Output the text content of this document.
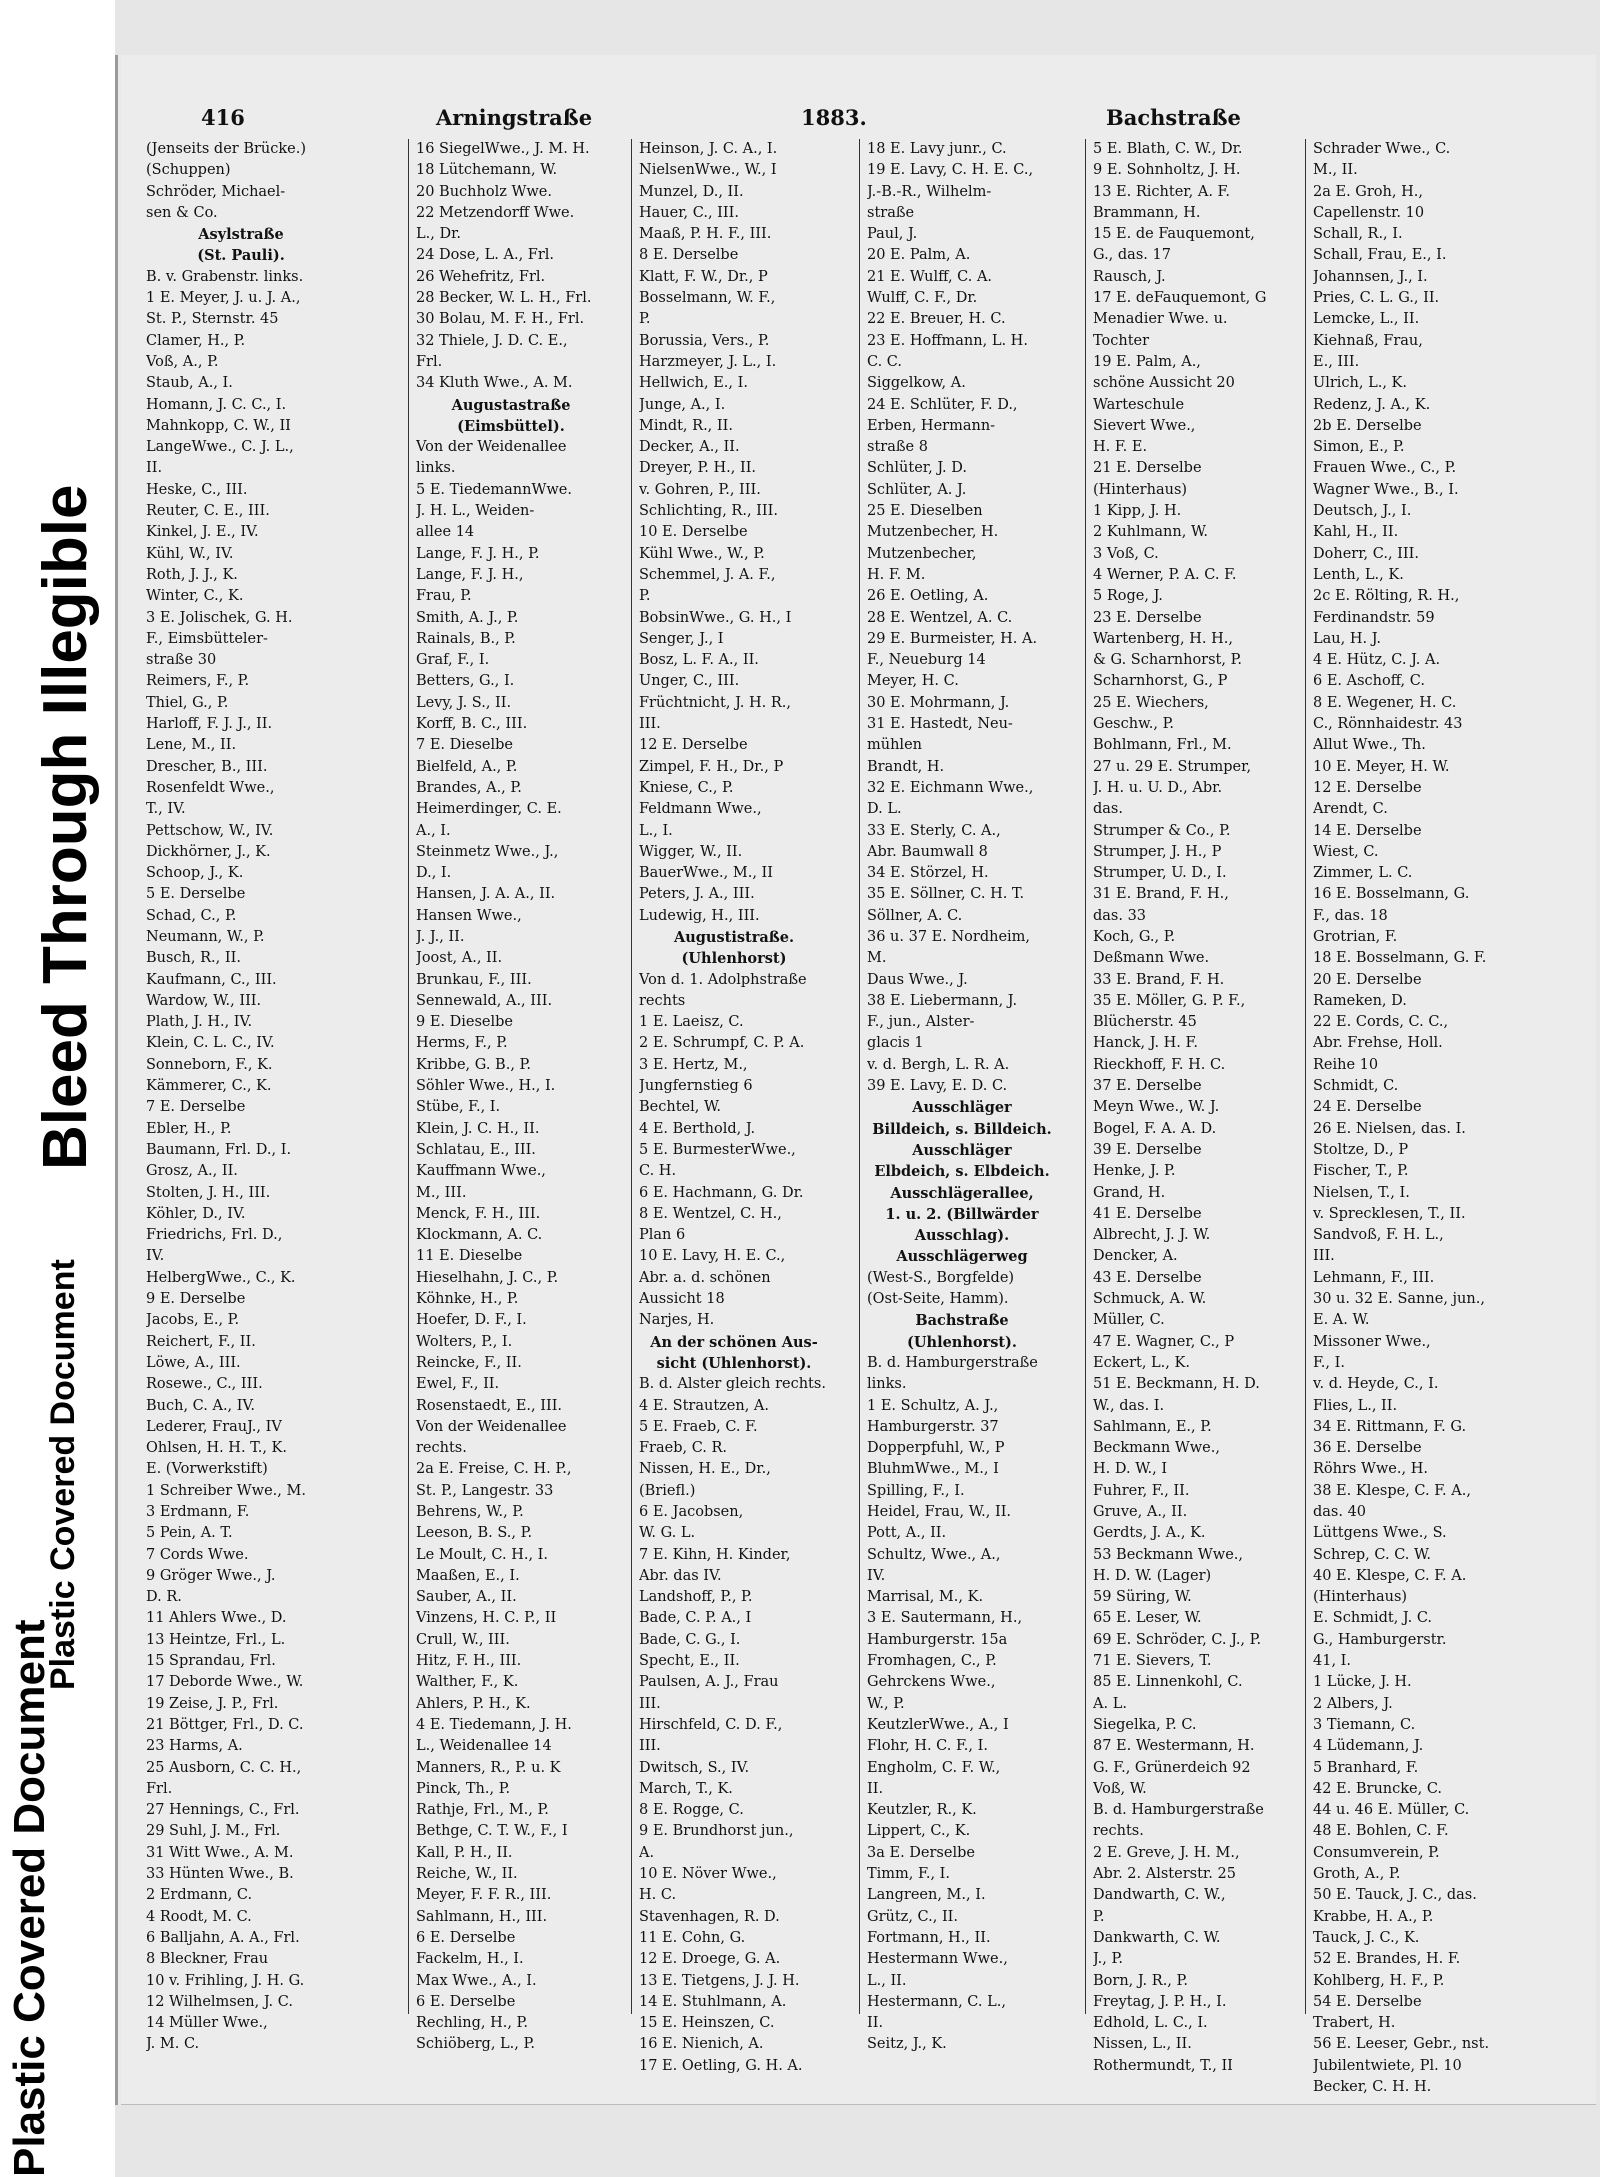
Plastic Covered Document
Bleed Through Illegible
Plastic Covered Document
416	Arningstraße	1883.	Bachstraße
(Jenseits der Brücke.)
(Schuppen)
Schröder, Michael-
sen & Co.
Asylstraße
(St. Pauli).
B. v. Grabenstr. links.
1 E. Meyer, J. u. J. A.,
St. P., Sternstr. 45
Clamer, H., P.
Voß, A., P.
Staub, A., I.
Homann, J. C. C., I.
Mahnkopp, C. W., II
LangeWwe., C. J. L.,
II.
Heske, C., III.
Reuter, C. E., III.
Kinkel, J. E., IV.
Kühl, W., IV.
Roth, J. J., K.
Winter, C., K.
3 E. Jolischek, G. H.
F., Eimsbütteler-
straße 30
Reimers, F., P.
Thiel, G., P.
Harloff, F. J. J., II.
Lene, M., II.
Drescher, B., III.
Rosenfeldt Wwe.,
T., IV.
Pettschow, W., IV.
Dickhörner, J., K.
Schoop, J., K.
5 E. Derselbe
Schad, C., P.
Neumann, W., P.
Busch, R., II.
Kaufmann, C., III.
Wardow, W., III.
Plath, J. H., IV.
Klein, C. L. C., IV.
Sonneborn, F., K.
Kämmerer, C., K.
7 E. Derselbe
Ebler, H., P.
Baumann, Frl. D., I.
Grosz, A., II.
Stolten, J. H., III.
Köhler, D., IV.
Friedrichs, Frl. D.,
IV.
HelbergWwe., C., K.
9 E. Derselbe
Jacobs, E., P.
Reichert, F., II.
Löwe, A., III.
Rosewe., C., III.
Buch, C. A., IV.
Lederer, FrauJ., IV
Ohlsen, H. H. T., K.
E. (Vorwerkstift)
1 Schreiber Wwe., M.
3 Erdmann, F.
5 Pein, A. T.
7 Cords Wwe.
9 Gröger Wwe., J.
D. R.
11 Ahlers Wwe., D.
13 Heintze, Frl., L.
15 Sprandau, Frl.
17 Deborde Wwe., W.
19 Zeise, J. P., Frl.
21 Böttger, Frl., D. C.
23 Harms, A.
25 Ausborn, C. C. H.,
Frl.
27 Hennings, C., Frl.
29 Suhl, J. M., Frl.
31 Witt Wwe., A. M.
33 Hünten Wwe., B.
2 Erdmann, C.
4 Roodt, M. C.
6 Balljahn, A. A., Frl.
8 Bleckner, Frau
10 v. Frihling, J. H. G.
12 Wilhelmsen, J. C.
14 Müller Wwe.,
J. M. C.
16 SiegelWwe., J. M. H.
18 Lütchemann, W.
20 Buchholz Wwe.
22 Metzendorff Wwe.
L., Dr.
24 Dose, L. A., Frl.
26 Wehefritz, Frl.
28 Becker, W. L. H., Frl.
30 Bolau, M. F. H., Frl.
32 Thiele, J. D. C. E.,
Frl.
34 Kluth Wwe., A. M.
Augustastraße
(Eimsbüttel).
Von der Weidenallee
links.
5 E. TiedemannWwe.
J. H. L., Weiden-
allee 14
Lange, F. J. H., P.
Lange, F. J. H.,
Frau, P.
Smith, A. J., P.
Rainals, B., P.
Graf, F., I.
Betters, G., I.
Levy, J. S., II.
Korff, B. C., III.
7 E. Dieselbe
Bielfeld, A., P.
Brandes, A., P.
Heimerdinger, C. E.
A., I.
Steinmetz Wwe., J.,
D., I.
Hansen, J. A. A., II.
Hansen Wwe.,
J. J., II.
Joost, A., II.
Brunkau, F., III.
Sennewald, A., III.
9 E. Dieselbe
Herms, F., P.
Kribbe, G. B., P.
Söhler Wwe., H., I.
Stübe, F., I.
Klein, J. C. H., II.
Schlatau, E., III.
Kauffmann Wwe.,
M., III.
Menck, F. H., III.
Klockmann, A. C.
11 E. Dieselbe
Hieselhahn, J. C., P.
Köhnke, H., P.
Hoefer, D. F., I.
Wolters, P., I.
Reincke, F., II.
Ewel, F., II.
Rosenstaedt, E., III.
Von der Weidenallee
rechts.
2a E. Freise, C. H. P.,
St. P., Langestr. 33
Behrens, W., P.
Leeson, B. S., P.
Le Moult, C. H., I.
Maaßen, E., I.
Sauber, A., II.
Vinzens, H. C. P., II
Crull, W., III.
Hitz, F. H., III.
Walther, F., K.
Ahlers, P. H., K.
4 E. Tiedemann, J. H.
L., Weidenallee 14
Manners, R., P. u. K
Pinck, Th., P.
Rathje, Frl., M., P.
Bethge, C. T. W., F., I
Kall, P. H., II.
Reiche, W., II.
Meyer, F. F. R., III.
Sahlmann, H., III.
6 E. Derselbe
Fackelm, H., I.
Max Wwe., A., I.
6 E. Derselbe
Rechling, H., P.
Schiöberg, L., P.
Heinson, J. C. A., I.
NielsenWwe., W., I
Munzel, D., II.
Hauer, C., III.
Maaß, P. H. F., III.
8 E. Derselbe
Klatt, F. W., Dr., P
Bosselmann, W. F.,
P.
Borussia, Vers., P.
Harzmeyer, J. L., I.
Hellwich, E., I.
Junge, A., I.
Mindt, R., II.
Decker, A., II.
Dreyer, P. H., II.
v. Gohren, P., III.
Schlichting, R., III.
10 E. Derselbe
Kühl Wwe., W., P.
Schemmel, J. A. F.,
P.
BobsinWwe., G. H., I
Senger, J., I
Bosz, L. F. A., II.
Unger, C., III.
Früchtnicht, J. H. R.,
III.
12 E. Derselbe
Zimpel, F. H., Dr., P
Kniese, C., P.
Feldmann Wwe.,
L., I.
Wigger, W., II.
BauerWwe., M., II
Peters, J. A., III.
Ludewig, H., III.
Augustistraße.
(Uhlenhorst)
Von d. 1. Adolphstraße
rechts
1 E. Laeisz, C.
2 E. Schrumpf, C. P. A.
3 E. Hertz, M.,
Jungfernstieg 6
Bechtel, W.
4 E. Berthold, J.
5 E. BurmesterWwe.,
C. H.
6 E. Hachmann, G. Dr.
8 E. Wentzel, C. H.,
Plan 6
10 E. Lavy, H. E. C.,
Abr. a. d. schönen
Aussicht 18
Narjes, H.
An der schönen Aus-
sicht (Uhlenhorst).
B. d. Alster gleich rechts.
4 E. Strautzen, A.
5 E. Fraeb, C. F.
Fraeb, C. R.
Nissen, H. E., Dr.,
(Briefl.)
6 E. Jacobsen,
W. G. L.
7 E. Kihn, H. Kinder,
Abr. das IV.
Landshoff, P., P.
Bade, C. P. A., I
Bade, C. G., I.
Specht, E., II.
Paulsen, A. J., Frau
III.
Hirschfeld, C. D. F.,
III.
Dwitsch, S., IV.
March, T., K.
8 E. Rogge, C.
9 E. Brundhorst jun.,
A.
10 E. Növer Wwe.,
H. C.
Stavenhagen, R. D.
11 E. Cohn, G.
12 E. Droege, G. A.
13 E. Tietgens, J. J. H.
14 E. Stuhlmann, A.
15 E. Heinszen, C.
16 E. Nienich, A.
17 E. Oetling, G. H. A.
18 E. Lavy junr., C.
19 E. Lavy, C. H. E. C.,
J.-B.-R., Wilhelm-
straße
Paul, J.
20 E. Palm, A.
21 E. Wulff, C. A.
Wulff, C. F., Dr.
22 E. Breuer, H. C.
23 E. Hoffmann, L. H.
C. C.
Siggelkow, A.
24 E. Schlüter, F. D.,
Erben, Hermann-
straße 8
Schlüter, J. D.
Schlüter, A. J.
25 E. Dieselben
Mutzenbecher, H.
Mutzenbecher,
H. F. M.
26 E. Oetling, A.
28 E. Wentzel, A. C.
29 E. Burmeister, H. A.
F., Neueburg 14
Meyer, H. C.
30 E. Mohrmann, J.
31 E. Hastedt, Neu-
mühlen
Brandt, H.
32 E. Eichmann Wwe.,
D. L.
33 E. Sterly, C. A.,
Abr. Baumwall 8
34 E. Störzel, H.
35 E. Söllner, C. H. T.
Söllner, A. C.
36 u. 37 E. Nordheim,
M.
Daus Wwe., J.
38 E. Liebermann, J.
F., jun., Alster-
glacis 1
v. d. Bergh, L. R. A.
39 E. Lavy, E. D. C.
Ausschläger
Billdeich, s. Billdeich.
Ausschläger
Elbdeich, s. Elbdeich.
Ausschlägerallee,
1. u. 2. (Billwärder
Ausschlag).
Ausschlägerweg
(West-S., Borgfelde)
(Ost-Seite, Hamm).
Bachstraße
(Uhlenhorst).
B. d. Hamburgerstraße
links.
1 E. Schultz, A. J.,
Hamburgerstr. 37
Dopperpfuhl, W., P
BluhmWwe., M., I
Spilling, F., I.
Heidel, Frau, W., II.
Pott, A., II.
Schultz, Wwe., A.,
IV.
Marrisal, M., K.
3 E. Sautermann, H.,
Hamburgerstr. 15a
Fromhagen, C., P.
Gehrckens Wwe.,
W., P.
KeutzlerWwe., A., I
Flohr, H. C. F., I.
Engholm, C. F. W.,
II.
Keutzler, R., K.
Lippert, C., K.
3a E. Derselbe
Timm, F., I.
Langreen, M., I.
Grütz, C., II.
Fortmann, H., II.
Hestermann Wwe.,
L., II.
Hestermann, C. L.,
II.
Seitz, J., K.
5 E. Blath, C. W., Dr.
9 E. Sohnholtz, J. H.
13 E. Richter, A. F.
Brammann, H.
15 E. de Fauquemont,
G., das. 17
Rausch, J.
17 E. deFauquemont, G
Menadier Wwe. u.
Tochter
19 E. Palm, A.,
schöne Aussicht 20
Warteschule
Sievert Wwe.,
H. F. E.
21 E. Derselbe
(Hinterhaus)
1 Kipp, J. H.
2 Kuhlmann, W.
3 Voß, C.
4 Werner, P. A. C. F.
5 Roge, J.
23 E. Derselbe
Wartenberg, H. H.,
& G. Scharnhorst, P.
Scharnhorst, G., P
25 E. Wiechers,
Geschw., P.
Bohlmann, Frl., M.
27 u. 29 E. Strumper,
J. H. u. U. D., Abr.
das.
Strumper & Co., P.
Strumper, J. H., P
Strumper, U. D., I.
31 E. Brand, F. H.,
das. 33
Koch, G., P.
Deßmann Wwe.
33 E. Brand, F. H.
35 E. Möller, G. P. F.,
Blücherstr. 45
Hanck, J. H. F.
Rieckhoff, F. H. C.
37 E. Derselbe
Meyn Wwe., W. J.
Bogel, F. A. A. D.
39 E. Derselbe
Henke, J. P.
Grand, H.
41 E. Derselbe
Albrecht, J. J. W.
Dencker, A.
43 E. Derselbe
Schmuck, A. W.
Müller, C.
47 E. Wagner, C., P
Eckert, L., K.
51 E. Beckmann, H. D.
W., das. I.
Sahlmann, E., P.
Beckmann Wwe.,
H. D. W., I
Fuhrer, F., II.
Gruve, A., II.
Gerdts, J. A., K.
53 Beckmann Wwe.,
H. D. W. (Lager)
59 Süring, W.
65 E. Leser, W.
69 E. Schröder, C. J., P.
71 E. Sievers, T.
85 E. Linnenkohl, C.
A. L.
Siegelka, P. C.
87 E. Westermann, H.
G. F., Grünerdeich 92
Voß, W.
B. d. Hamburgerstraße
rechts.
2 E. Greve, J. H. M.,
Abr. 2. Alsterstr. 25
Dandwarth, C. W.,
P.
Dankwarth, C. W.
J., P.
Born, J. R., P.
Freytag, J. P. H., I.
Edhold, L. C., I.
Nissen, L., II.
Rothermundt, T., II
Schrader Wwe., C.
M., II.
2a E. Groh, H.,
Capellenstr. 10
Schall, R., I.
Schall, Frau, E., I.
Johannsen, J., I.
Pries, C. L. G., II.
Lemcke, L., II.
Kiehnaß, Frau,
E., III.
Ulrich, L., K.
Redenz, J. A., K.
2b E. Derselbe
Simon, E., P.
Frauen Wwe., C., P.
Wagner Wwe., B., I.
Deutsch, J., I.
Kahl, H., II.
Doherr, C., III.
Lenth, L., K.
2c E. Rölting, R. H.,
Ferdinandstr. 59
Lau, H. J.
4 E. Hütz, C. J. A.
6 E. Aschoff, C.
8 E. Wegener, H. C.
C., Rönnhaidestr. 43
Allut Wwe., Th.
10 E. Meyer, H. W.
12 E. Derselbe
Arendt, C.
14 E. Derselbe
Wiest, C.
Zimmer, L. C.
16 E. Bosselmann, G.
F., das. 18
Grotrian, F.
18 E. Bosselmann, G. F.
20 E. Derselbe
Rameken, D.
22 E. Cords, C. C.,
Abr. Frehse, Holl.
Reihe 10
Schmidt, C.
24 E. Derselbe
26 E. Nielsen, das. I.
Stoltze, D., P
Fischer, T., P.
Nielsen, T., I.
v. Sprecklesen, T., II.
Sandvoß, F. H. L.,
III.
Lehmann, F., III.
30 u. 32 E. Sanne, jun.,
E. A. W.
Missoner Wwe.,
F., I.
v. d. Heyde, C., I.
Flies, L., II.
34 E. Rittmann, F. G.
36 E. Derselbe
Röhrs Wwe., H.
38 E. Klespe, C. F. A.,
das. 40
Lüttgens Wwe., S.
Schrep, C. C. W.
40 E. Klespe, C. F. A.
(Hinterhaus)
E. Schmidt, J. C.
G., Hamburgerstr.
41, I.
1 Lücke, J. H.
2 Albers, J.
3 Tiemann, C.
4 Lüdemann, J.
5 Branhard, F.
42 E. Bruncke, C.
44 u. 46 E. Müller, C.
48 E. Bohlen, C. F.
Consumverein, P.
Groth, A., P.
50 E. Tauck, J. C., das.
Krabbe, H. A., P.
Tauck, J. C., K.
52 E. Brandes, H. F.
Kohlberg, H. F., P.
54 E. Derselbe
Trabert, H.
56 E. Leeser, Gebr., nst.
Jubilentwiete, Pl. 10
Becker, C. H. H.
